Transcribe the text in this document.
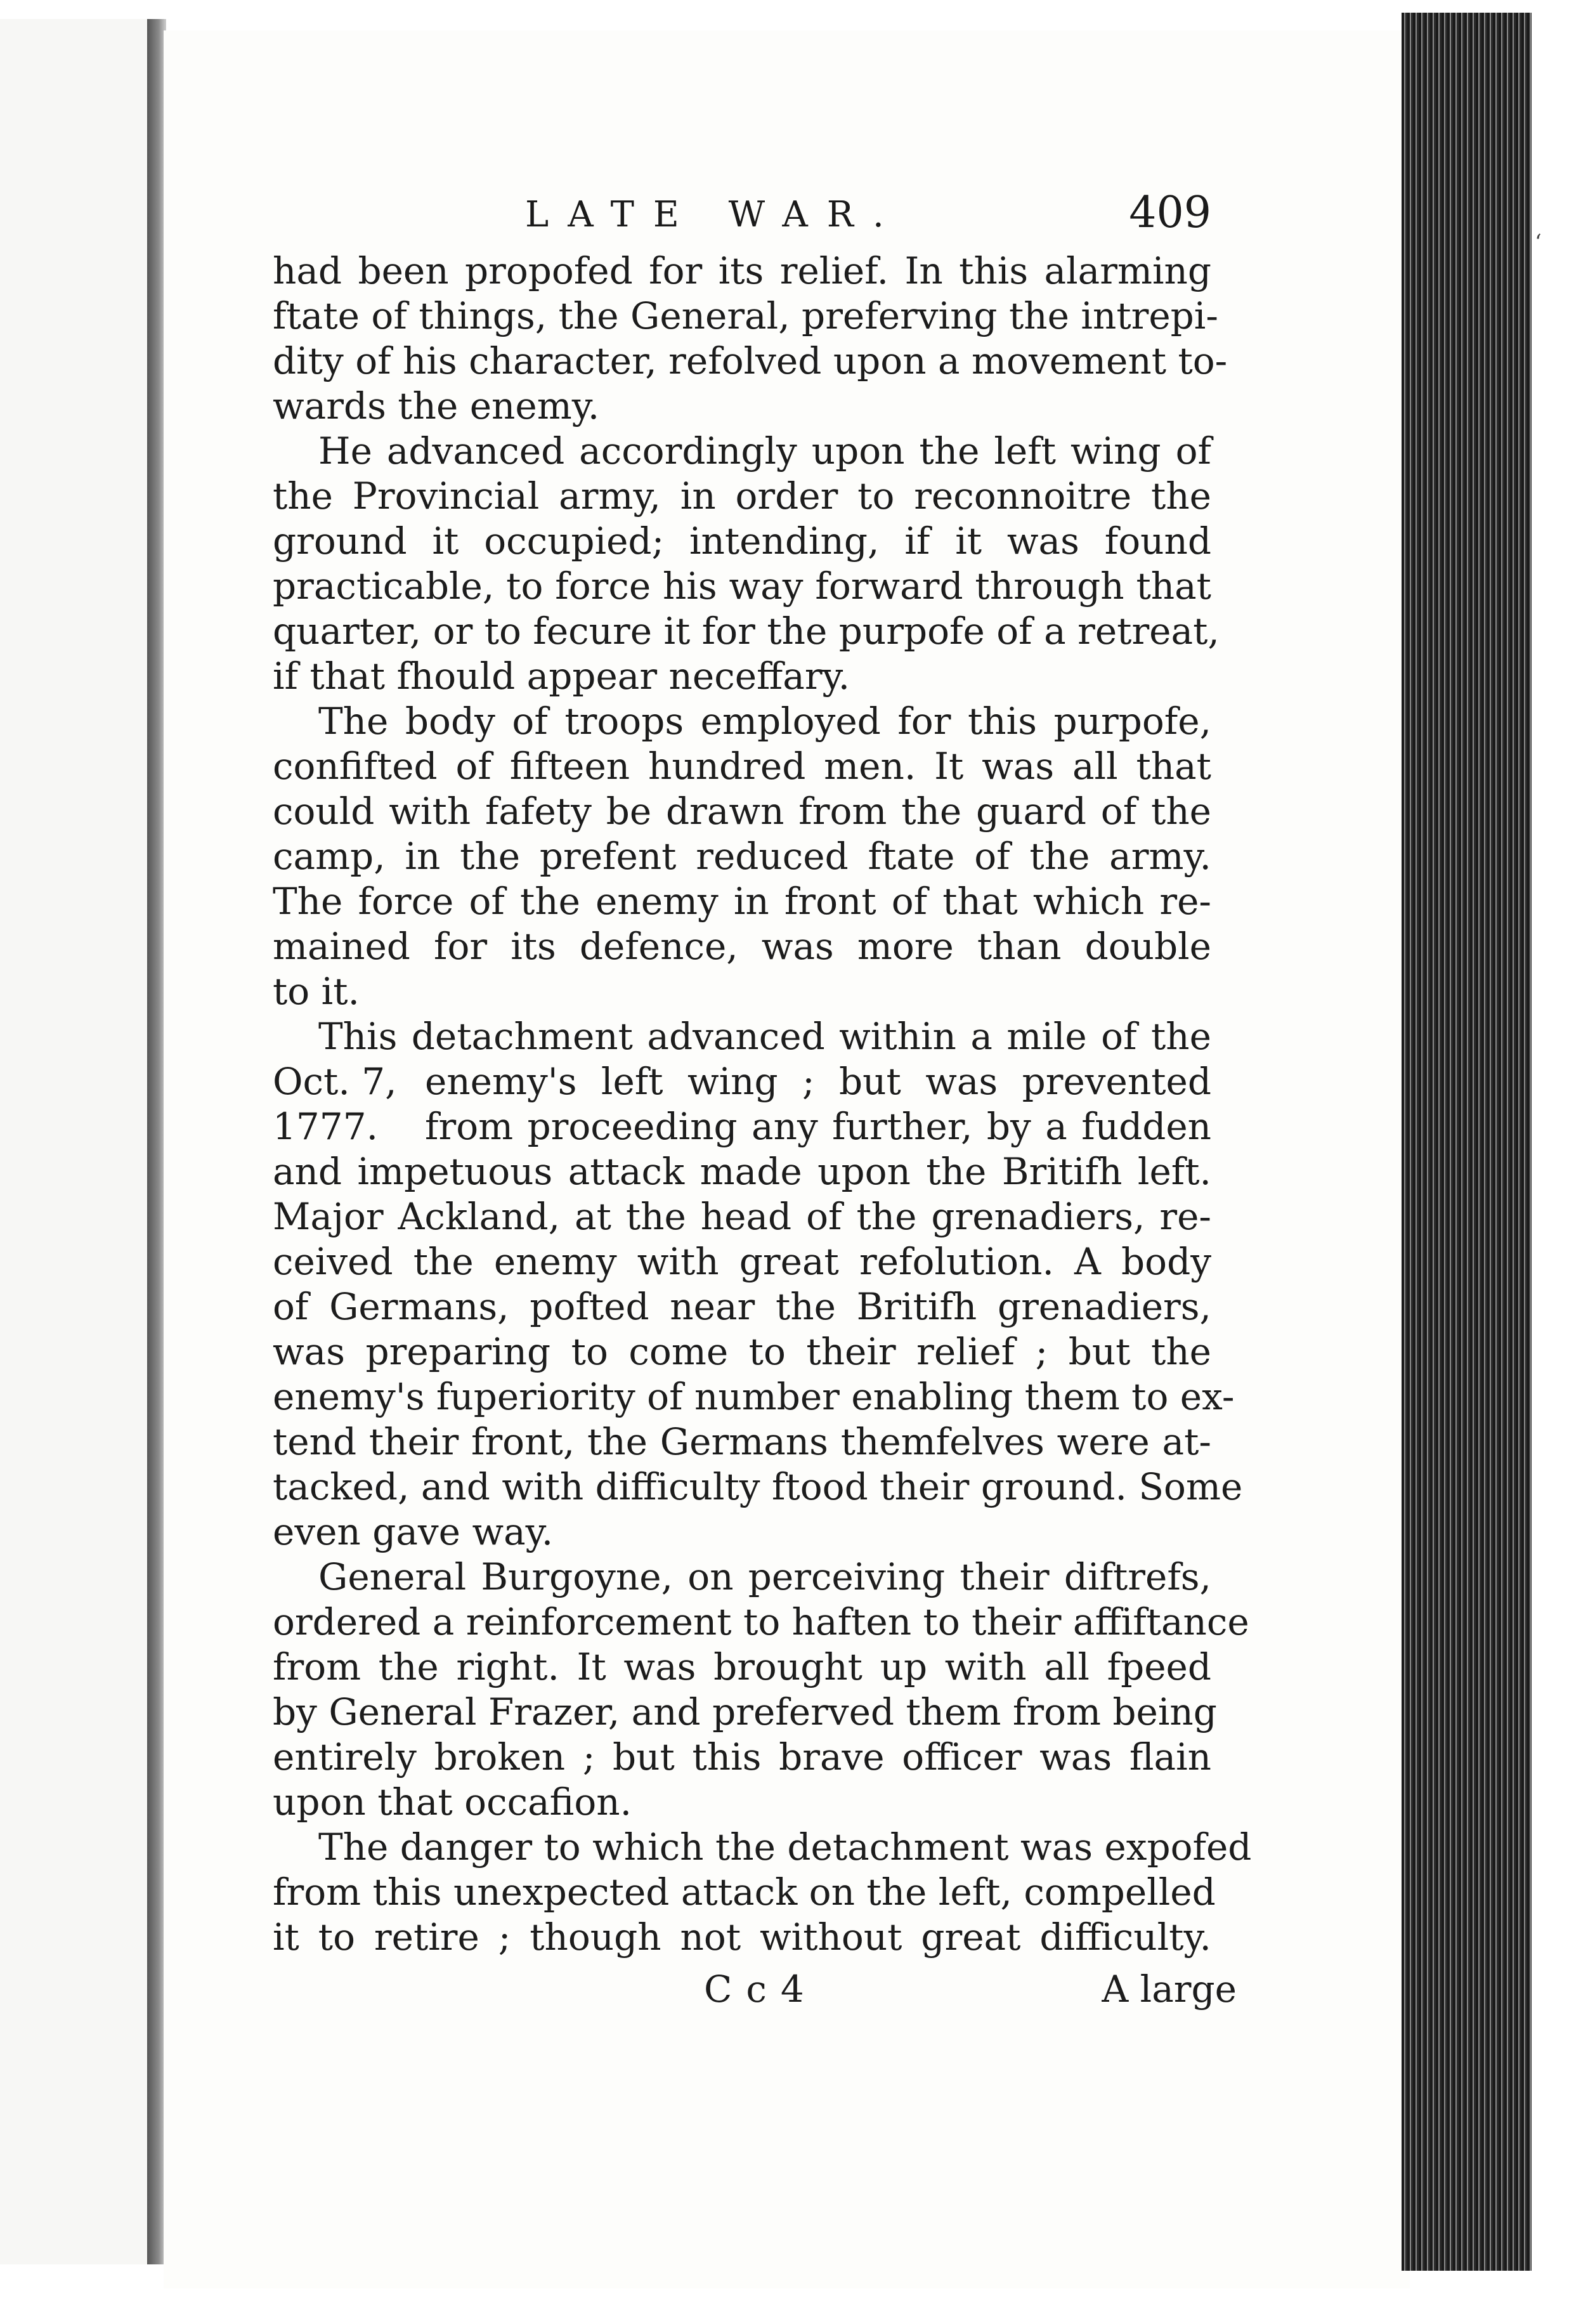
ʻ
LATE WAR.	409
had been propofed for its relief. In this alarming
ftate of things, the General, preferving the intrepi-
dity of his character, refolved upon a movement to-
wards the enemy.
He advanced accordingly upon the left wing of
the Provincial army, in order to reconnoitre the
ground it occupied; intending, if it was found
practicable, to force his way forward through that
quarter, or to fecure it for the purpofe of a retreat,
if that fhould appear neceffary.
The body of troops employed for this purpofe,
confifted of fifteen hundred men. It was all that
could with fafety be drawn from the guard of the
camp, in the prefent reduced ftate of the army.
The force of the enemy in front of that which re-
mained for its defence, was more than double
to it.
This detachment advanced within a mile of the
Oct. 7, enemy's left wing ; but was prevented
1777.	from proceeding any further, by a fudden
and impetuous attack made upon the Britifh left.
Major Ackland, at the head of the grenadiers, re-
ceived the enemy with great refolution. A body
of Germans, pofted near the Britifh grenadiers,
was preparing to come to their relief ; but the
enemy's fuperiority of number enabling them to ex-
tend their front, the Germans themfelves were at-
tacked, and with difficulty ftood their ground. Some
even gave way.
General Burgoyne, on perceiving their diftrefs,
ordered a reinforcement to haften to their affiftance
from the right. It was brought up with all fpeed
by General Frazer, and preferved them from being
entirely broken ; but this brave officer was flain
upon that occafion.
The danger to which the detachment was expofed
from this unexpected attack on the left, compelled
it to retire ; though not without great difficulty.
Cc4	A large
